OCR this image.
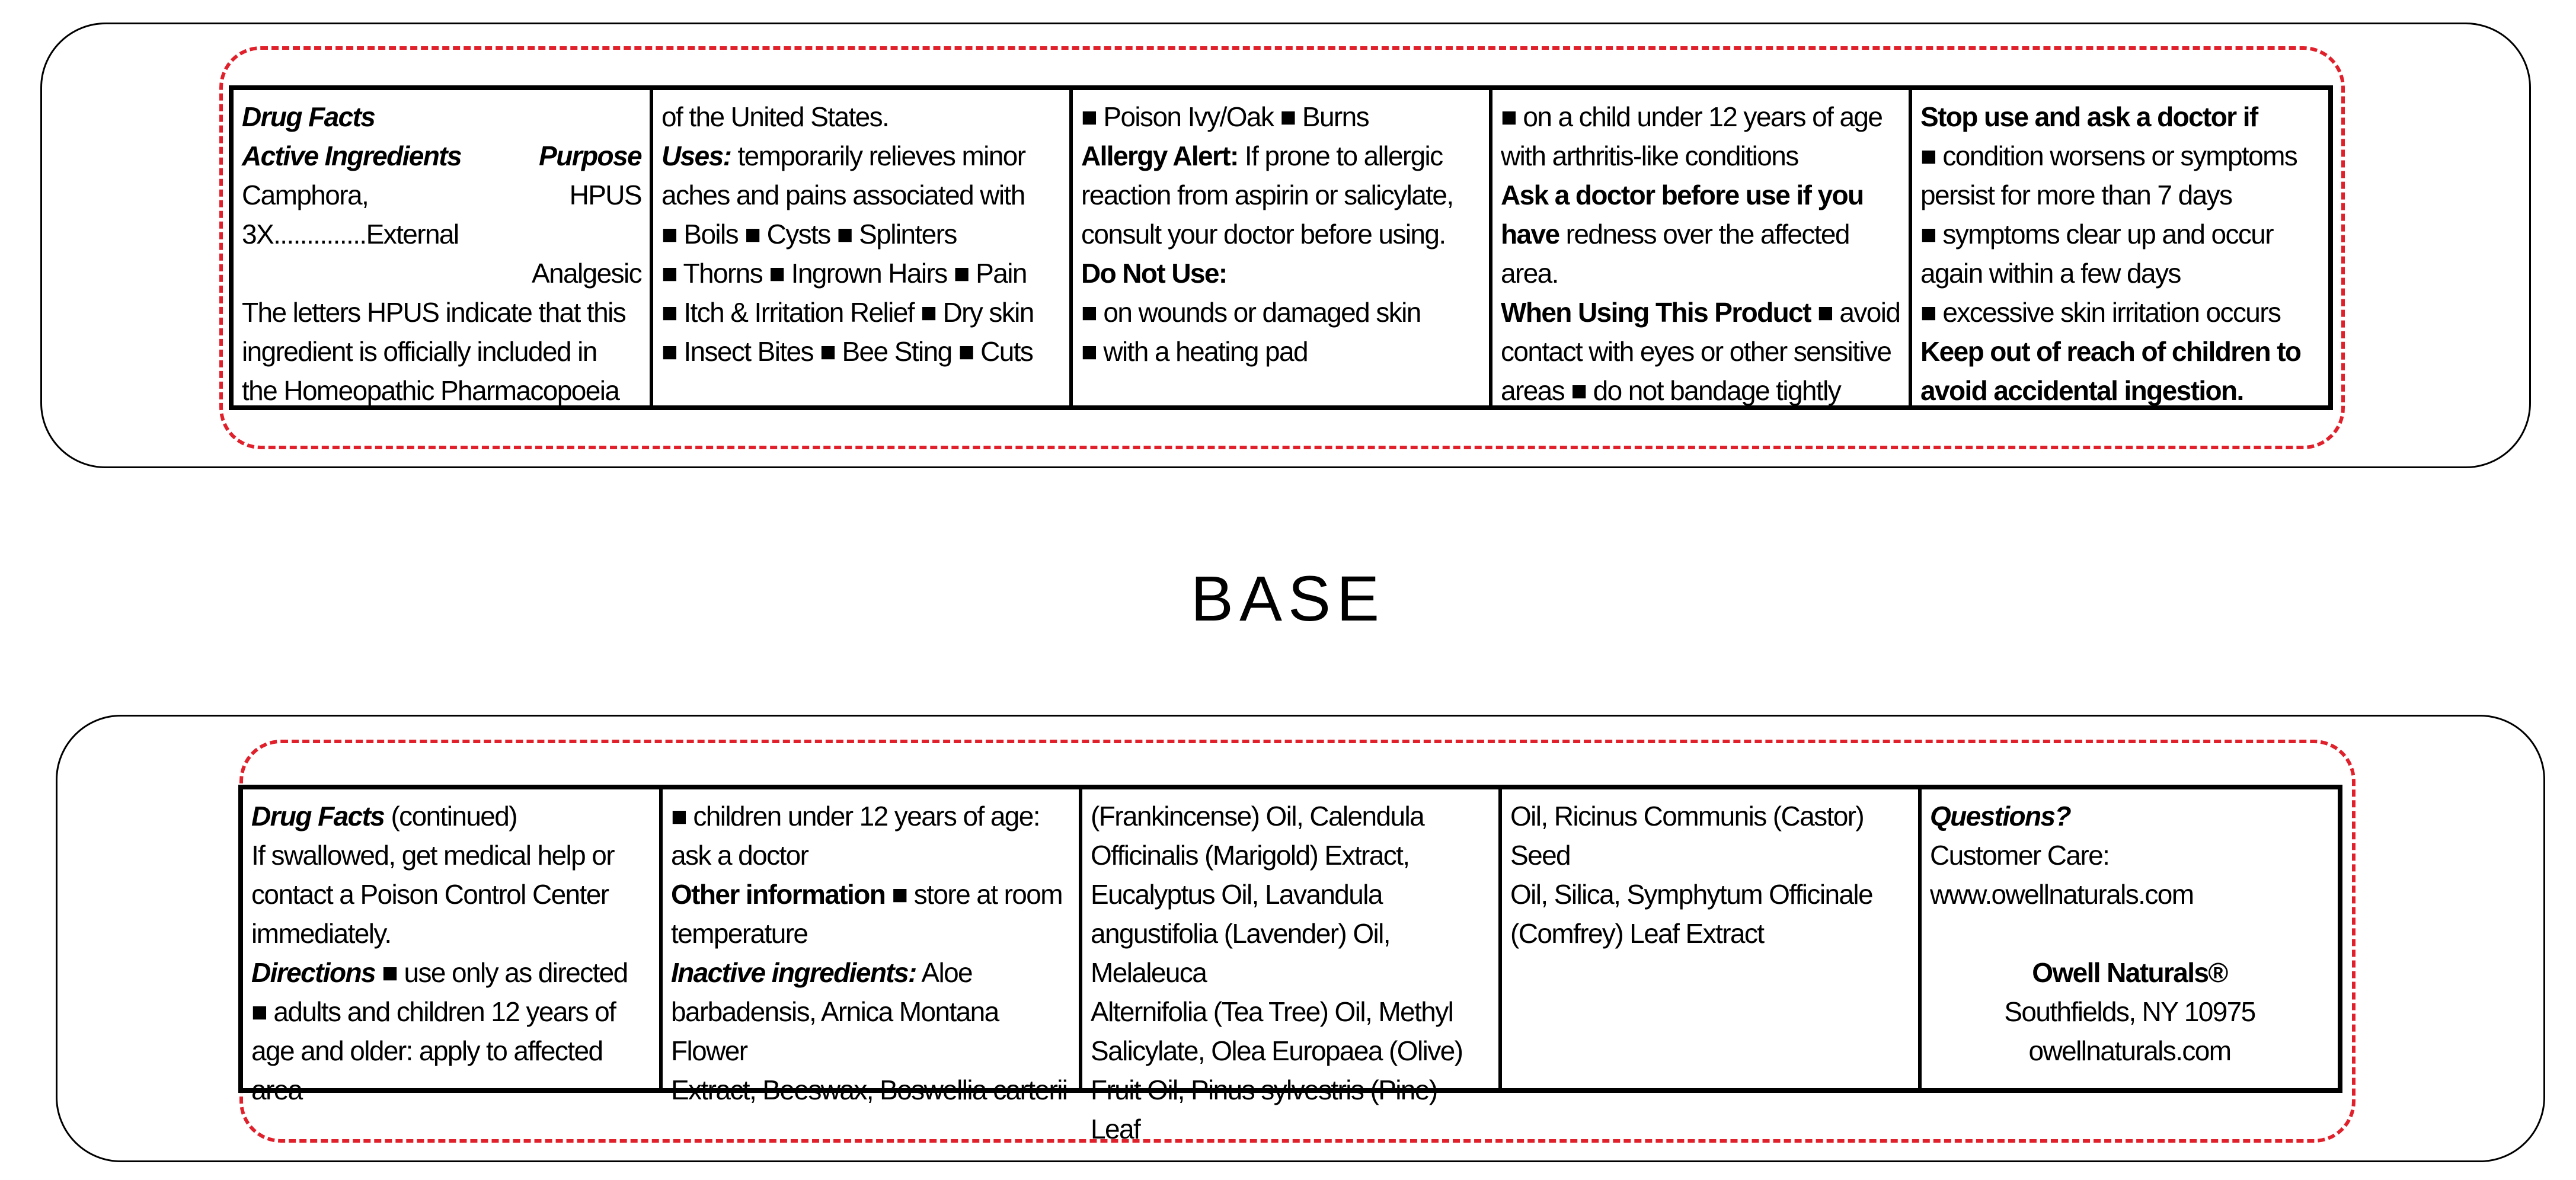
Drug Facts

Active Ingredients	Purpose

Camphora, HPUS 3X..............External

Analgesic

The letters HPUS indicate that this

ingredient is officially included in

the Homeopathic Pharmacopoeia

of the United States.

Uses: temporarily relieves minor

aches and pains associated with

■ Boils ■ Cysts ■ Splinters

■ Thorns ■ Ingrown Hairs ■ Pain

■ Itch & Irritation Relief ■ Dry skin

■ Insect Bites ■ Bee Sting ■ Cuts

■ Poison Ivy/Oak ■ Burns

Allergy Alert: If prone to allergic

reaction from aspirin or salicylate,

consult your doctor before using.

Do Not Use:

■ on wounds or damaged skin

■ with a heating pad

■ on a child under 12 years of age

with arthritis-like conditions

Ask a doctor before use if you

have redness over the affected area.

When Using This Product ■ avoid

contact with eyes or other sensitive

areas ■ do not bandage tightly

Stop use and ask a doctor if

■ condition worsens or symptoms

persist for more than 7 days

■ symptoms clear up and occur

again within a few days

■ excessive skin irritation occurs

Keep out of reach of children to

avoid accidental ingestion.

BASE

Drug Facts (continued)

If swallowed, get medical help or

contact a Poison Control Center

immediately.

Directions ■ use only as directed

■ adults and children 12 years of

age and older: apply to affected area

■ children under 12 years of age:

ask a doctor

Other information ■ store at room

temperature

Inactive ingredients: Aloe

barbadensis, Arnica Montana Flower

Extract, Beeswax, Boswellia carterii

(Frankincense) Oil, Calendula

Officinalis (Marigold) Extract,

Eucalyptus Oil, Lavandula

angustifolia (Lavender) Oil, Melaleuca

Alternifolia (Tea Tree) Oil, Methyl

Salicylate, Olea Europaea (Olive)

Fruit Oil, Pinus sylvestris (Pine) Leaf

Oil, Ricinus Communis (Castor) Seed

Oil, Silica, Symphytum Officinale

(Comfrey) Leaf Extract

Questions?

Customer Care:

www.owellnaturals.com

Owell Naturals®

Southfields, NY 10975

owellnaturals.com
